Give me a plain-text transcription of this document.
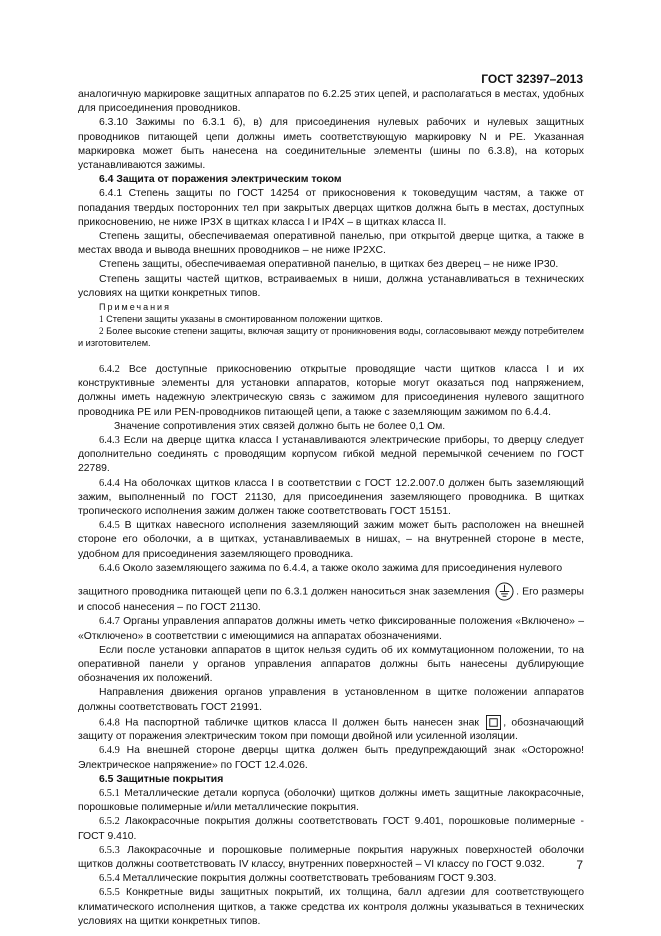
ГОСТ 32397–2013

аналогичную маркировке защитных аппаратов по 6.2.25 этих цепей, и располагаться в местах, удобных для присоединения проводников.

6.3.10 Зажимы по 6.3.1 б), в) для присоединения нулевых рабочих и нулевых защитных проводников питающей цепи должны иметь соответствующую маркировку N и PE. Указанная маркировка может быть нанесена на соединительные элементы (шины по 6.3.8), на которых устанавливаются зажимы.

6.4 Защита от поражения электрическим током

6.4.1 Степень защиты по ГОСТ 14254 от прикосновения к токоведущим частям, а также от попадания твердых посторонних тел при закрытых дверцах щитков должна быть в местах, доступных прикосновению, не ниже IP3X в щитках класса I и IP4X – в щитках класса II.

Степень защиты, обеспечиваемая оперативной панелью, при открытой дверце щитка, а также в местах ввода и вывода внешних проводников – не ниже IP2XC.

Степень защиты, обеспечиваемая оперативной панелью, в щитках без дверец – не ниже IP30.

Степень защиты частей щитков, встраиваемых в ниши, должна устанавливаться в технических условиях на щитки конкретных типов.

Примечания

1 Степени защиты указаны в смонтированном положении щитков.

2 Более высокие степени защиты, включая защиту от проникновения воды, согласовывают между потребителем и изготовителем.

6.4.2 Все доступные прикосновению открытые проводящие части щитков класса I и их конструктивные элементы для установки аппаратов, которые могут оказаться под напряжением, должны иметь надежную электрическую связь с зажимом для присоединения нулевого защитного проводника PE или PEN-проводников питающей цепи, а также с заземляющим зажимом по 6.4.4.

Значение сопротивления этих связей должно быть не более 0,1 Ом.

6.4.3 Если на дверце щитка класса I устанавливаются электрические приборы, то дверцу следует дополнительно соединять с проводящим корпусом гибкой медной перемычкой сечением по ГОСТ 22789.

6.4.4 На оболочках щитков класса I в соответствии с ГОСТ 12.2.007.0 должен быть заземляющий зажим, выполненный по ГОСТ 21130, для присоединения заземляющего проводника. В щитках тропического исполнения зажим должен также соответствовать ГОСТ 15151.

6.4.5 В щитках навесного исполнения заземляющий зажим может быть расположен на внешней стороне его оболочки, а в щитках, устанавливаемых в нишах, – на внутренней стороне в месте, удобном для присоединения заземляющего проводника.

6.4.6 Около заземляющего зажима по 6.4.4, а также около зажима для присоединения нулевого

защитного проводника питающей цепи по 6.3.1 должен наноситься знак заземления	. Его размеры и способ нанесения – по ГОСТ 21130.

6.4.7 Органы управления аппаратов должны иметь четко фиксированные положения «Включено» – «Отключено» в соответствии с имеющимися на аппаратах обозначениями.

Если после установки аппаратов в щиток нельзя судить об их коммутационном положении, то на оперативной панели у органов управления аппаратов должны быть нанесены дублирующие обозначения их положений.

Направления движения органов управления в установленном в щитке положении аппаратов должны соответствовать ГОСТ 21991.

6.4.8 На паспортной табличке щитков класса II должен быть нанесен знак , обозначающий защиту от поражения электрическим током при помощи двойной или усиленной изоляции.

6.4.9 На внешней стороне дверцы щитка должен быть предупреждающий знак «Осторожно! Электрическое напряжение» по ГОСТ 12.4.026.

6.5 Защитные покрытия

6.5.1 Металлические детали корпуса (оболочки) щитков должны иметь защитные лакокрасочные, порошковые полимерные и/или металлические покрытия.

6.5.2 Лакокрасочные покрытия должны соответствовать ГОСТ 9.401, порошковые полимерные - ГОСТ 9.410.

6.5.3 Лакокрасочные и порошковые полимерные покрытия наружных поверхностей оболочки щитков должны соответствовать IV классу, внутренних поверхностей – VI классу по ГОСТ 9.032.

6.5.4 Металлические покрытия должны соответствовать требованиям ГОСТ 9.303.

6.5.5 Конкретные виды защитных покрытий, их толщина, балл адгезии для соответствующего климатического исполнения щитков, а также средства их контроля должны указываться в технических условиях на щитки конкретных типов.

7
